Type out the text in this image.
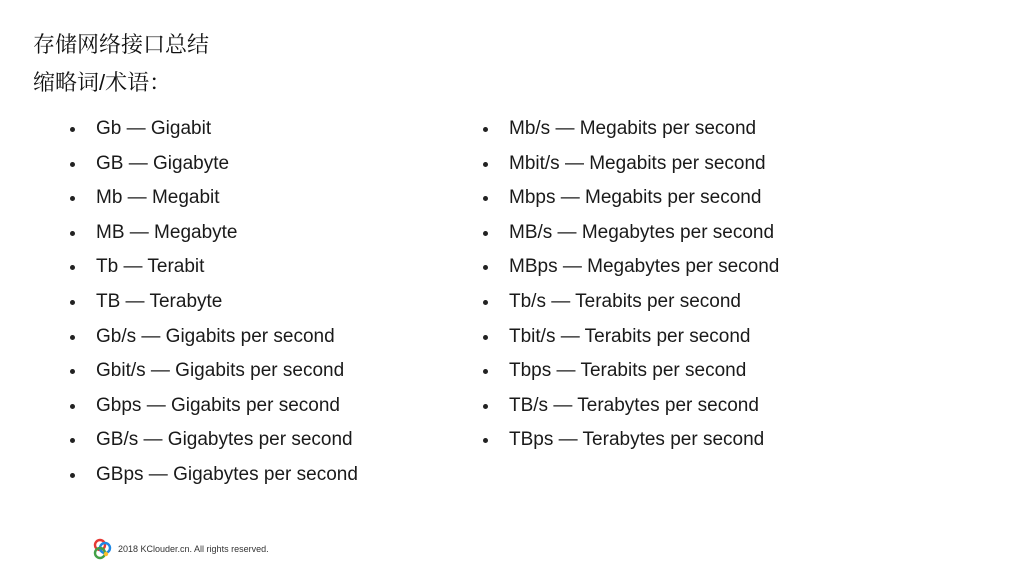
存储网络接口总结
缩略词/术语：
Gb — Gigabit
GB — Gigabyte
Mb — Megabit
MB — Megabyte
Tb — Terabit
TB — Terabyte
Gb/s — Gigabits per second
Gbit/s — Gigabits per second
Gbps — Gigabits per second
GB/s — Gigabytes per second
GBps — Gigabytes per second
Mb/s — Megabits per second
Mbit/s — Megabits per second
Mbps — Megabits per second
MB/s — Megabytes per second
MBps — Megabytes per second
Tb/s — Terabits per second
Tbit/s — Terabits per second
Tbps — Terabits per second
TB/s — Terabytes per second
TBps — Terabytes per second
2018 KClouder.cn. All rights reserved.
